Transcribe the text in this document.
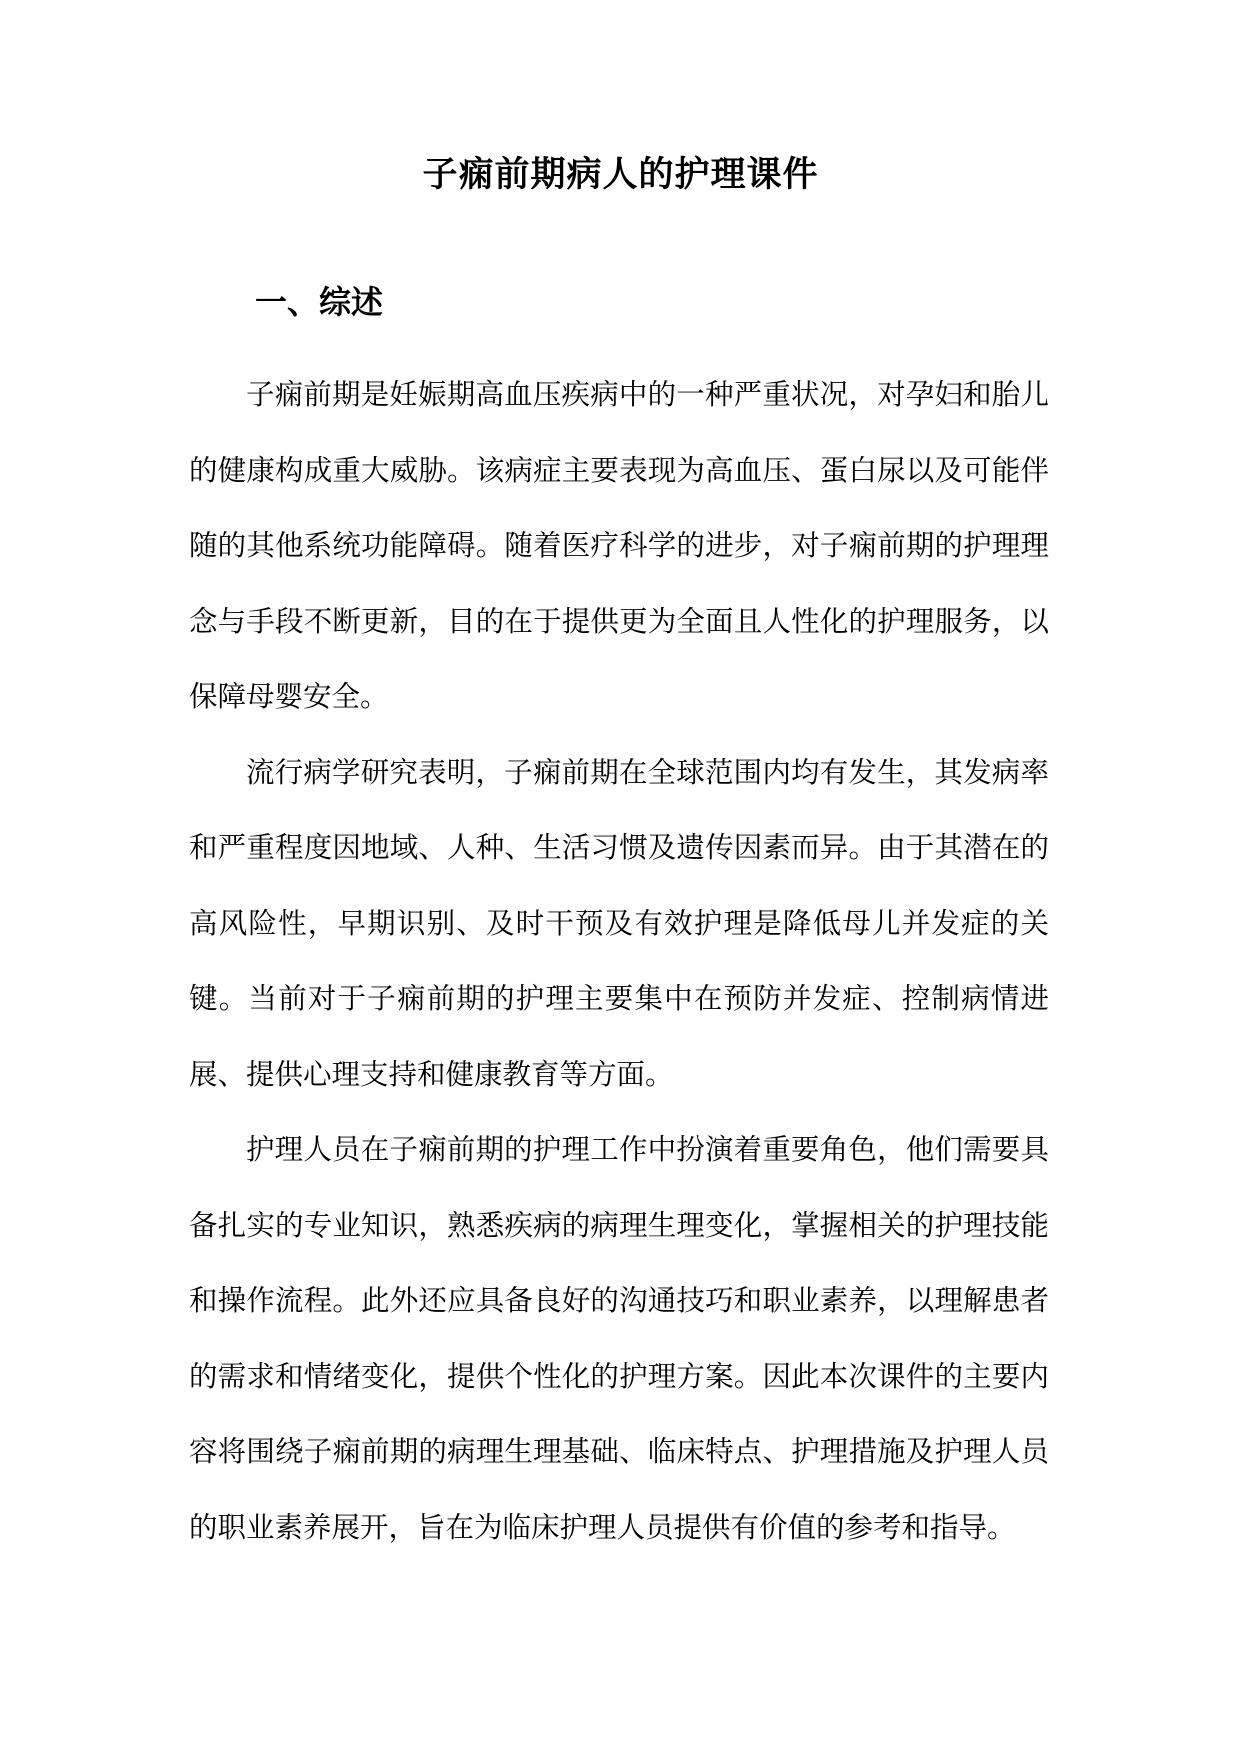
子痫前期病人的护理课件
一、综述

子痫前期是妊娠期高血压疾病中的一种严重状况，对孕妇和胎儿的健康构成重大威胁。该病症主要表现为高血压、蛋白尿以及可能伴随的其他系统功能障碍。随着医疗科学的进步，对子痫前期的护理理念与手段不断更新，目的在于提供更为全面且人性化的护理服务，以保障母婴安全。

流行病学研究表明，子痫前期在全球范围内均有发生，其发病率和严重程度因地域、人种、生活习惯及遗传因素而异。由于其潜在的高风险性，早期识别、及时干预及有效护理是降低母儿并发症的关键。当前对于子痫前期的护理主要集中在预防并发症、控制病情进展、提供心理支持和健康教育等方面。

护理人员在子痫前期的护理工作中扮演着重要角色，他们需要具备扎实的专业知识，熟悉疾病的病理生理变化，掌握相关的护理技能和操作流程。此外还应具备良好的沟通技巧和职业素养，以理解患者的需求和情绪变化，提供个性化的护理方案。因此本次课件的主要内容将围绕子痫前期的病理生理基础、临床特点、护理措施及护理人员的职业素养展开，旨在为临床护理人员提供有价值的参考和指导。
